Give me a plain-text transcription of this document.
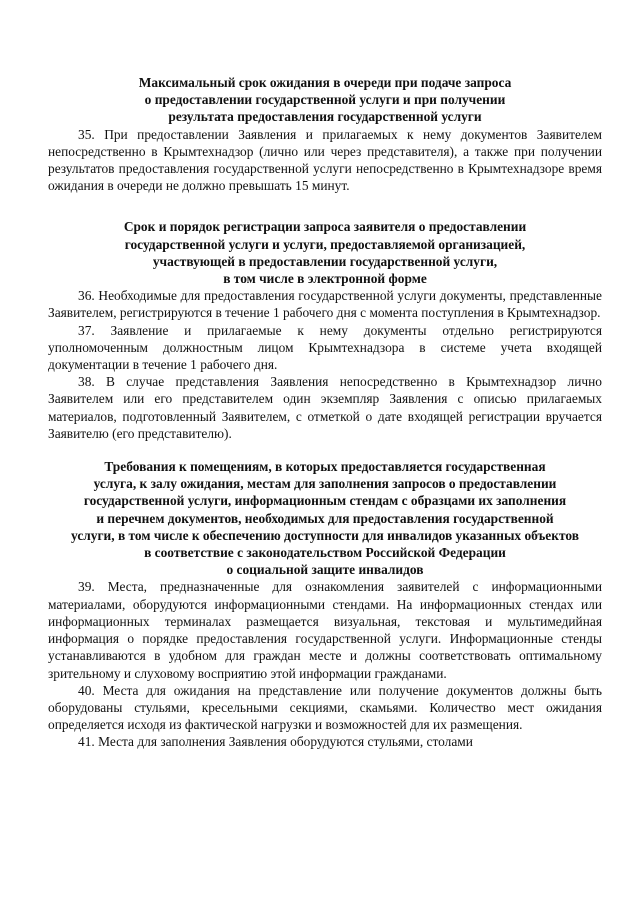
Максимальный срок ожидания в очереди при подаче запроса
о предоставлении государственной услуги и при получении
результата предоставления государственной услуги

35. При предоставлении Заявления и прилагаемых к нему документов Заявителем непосредственно в Крымтехнадзор (лично или через представителя), а также при получении результатов предоставления государственной услуги непосредственно в Крымтехнадзоре время ожидания в очереди не должно превышать 15 минут.

Срок и порядок регистрации запроса заявителя о предоставлении
государственной услуги и услуги, предоставляемой организацией,
участвующей в предоставлении государственной услуги,
в том числе в электронной форме

36. Необходимые для предоставления государственной услуги документы, представленные Заявителем, регистрируются в течение 1 рабочего дня с момента поступления в Крымтехнадзор.

37. Заявление и прилагаемые к нему документы отдельно регистрируются уполномоченным должностным лицом Крымтехнадзора в системе учета входящей документации в течение 1 рабочего дня.

38. В случае представления Заявления непосредственно в Крымтехнадзор лично Заявителем или его представителем один экземпляр Заявления с описью прилагаемых материалов, подготовленный Заявителем, с отметкой о дате входящей регистрации вручается Заявителю (его представителю).

Требования к помещениям, в которых предоставляется государственная
услуга, к залу ожидания, местам для заполнения запросов о предоставлении
государственной услуги, информационным стендам с образцами их заполнения
и перечнем документов, необходимых для предоставления государственной
услуги, в том числе к обеспечению доступности для инвалидов указанных объектов
в соответствие с законодательством Российской Федерации
о социальной защите инвалидов

39. Места, предназначенные для ознакомления заявителей с информационными материалами, оборудуются информационными стендами. На информационных стендах или информационных терминалах размещается визуальная, текстовая и мультимедийная информация о порядке предоставления государственной услуги. Информационные стенды устанавливаются в удобном для граждан месте и должны соответствовать оптимальному зрительному и слуховому восприятию этой информации гражданами.

40. Места для ожидания на представление или получение документов должны быть оборудованы стульями, кресельными секциями, скамьями. Количество мест ожидания определяется исходя из фактической нагрузки и возможностей для их размещения.

41. Места для заполнения Заявления оборудуются стульями, столами
